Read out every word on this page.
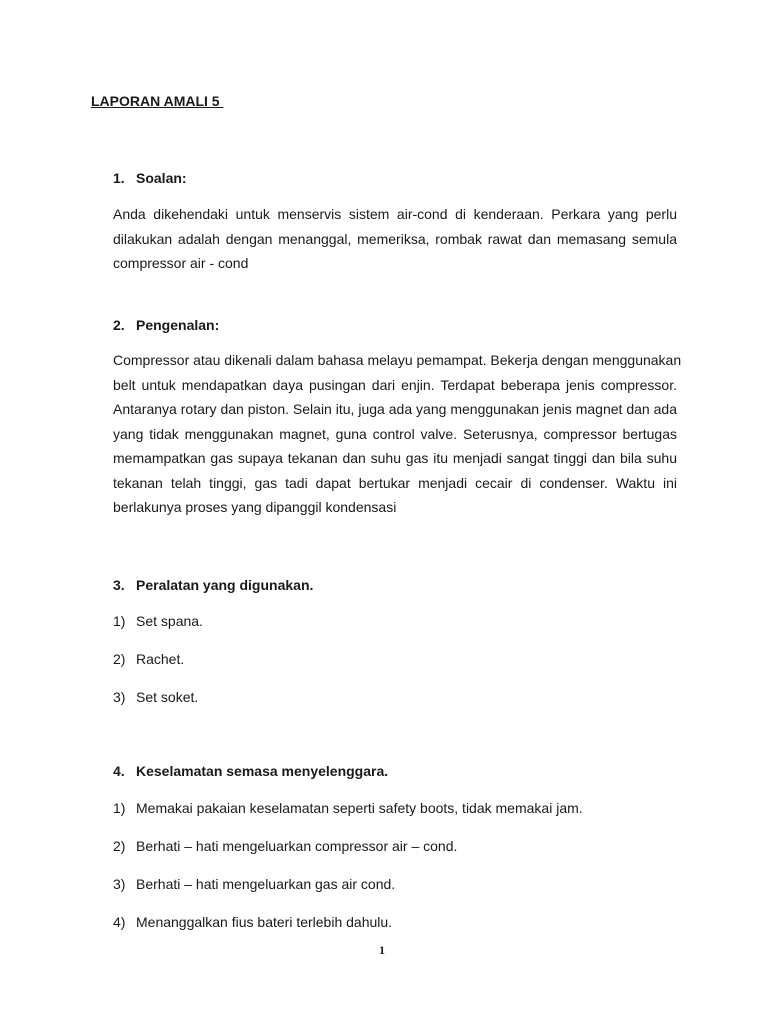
LAPORAN AMALI 5
1. Soalan:

Anda dikehendaki untuk menservis sistem air-cond di kenderaan. Perkara yang perlu
dilakukan adalah dengan menanggal, memeriksa, rombak rawat dan memasang semula
compressor air - cond

2. Pengenalan:

Compressor atau dikenali dalam bahasa melayu pemampat. Bekerja dengan menggunakan
belt untuk mendapatkan daya pusingan dari enjin. Terdapat beberapa jenis compressor.
Antaranya rotary dan piston. Selain itu, juga ada yang menggunakan jenis magnet dan ada
yang tidak menggunakan magnet, guna control valve. Seterusnya, compressor bertugas
memampatkan gas supaya tekanan dan suhu gas itu menjadi sangat tinggi dan bila suhu
tekanan telah tinggi, gas tadi dapat bertukar menjadi cecair di condenser. Waktu ini
berlakunya proses yang dipanggil kondensasi

3. Peralatan yang digunakan.
1) Set spana.
2) Rachet.
3) Set soket.
4. Keselamatan semasa menyelenggara.
1) Memakai pakaian keselamatan seperti safety boots, tidak memakai jam.
2) Berhati – hati mengeluarkan compressor air – cond.
3) Berhati – hati mengeluarkan gas air cond.
4) Menanggalkan fius bateri terlebih dahulu.
1
